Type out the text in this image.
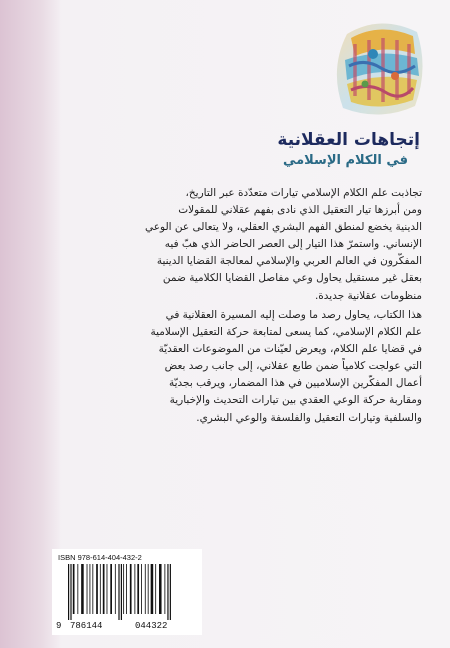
إتجاهات العقلانية
في الكلام الإسلامي
تجاذبت علم الكلام الإسلامي تيارات متعدّدة عبر التاريخ،
ومن أبرزها تيار التعقيل الذي نادى بفهم عقلاني للمقولات
الدينية يخضع لمنطق الفهم البشري العقلي، ولا يتعالى عن الوعي
الإنساني. واستمرّ هذا التيار إلى العصر الحاضر الذي هبّ فيه
المفكّرون في العالم العربي والإسلامي لمعالجة القضايا الدينية
بعقل غير مستقيل يحاول وعي مفاصل القضايا الكلامية ضمن
منظومات عقلانية جديدة.
هذا الكتاب، يحاول رصد ما وصلت إليه المسيرة العقلانية في
علم الكلام الإسلامي، كما يسعى لمتابعة حركة التعقيل الإسلامية
في قضايا علم الكلام، ويعرض لعيّنات من الموضوعات العقديّة
التي عولجت كلامياً ضمن طابع عقلاني، إلى جانب رصد بعض
أعمال المفكّرين الإسلاميين في هذا المضمار، ويرقب بجديّة
ومقاربة حركة الوعي العقدي بين تيارات التحديث والإخبارية
والسلفية وتيارات التعقيل والفلسفة والوعي البشري.
ISBN 978-614-404-432-2
9 786144	044322
